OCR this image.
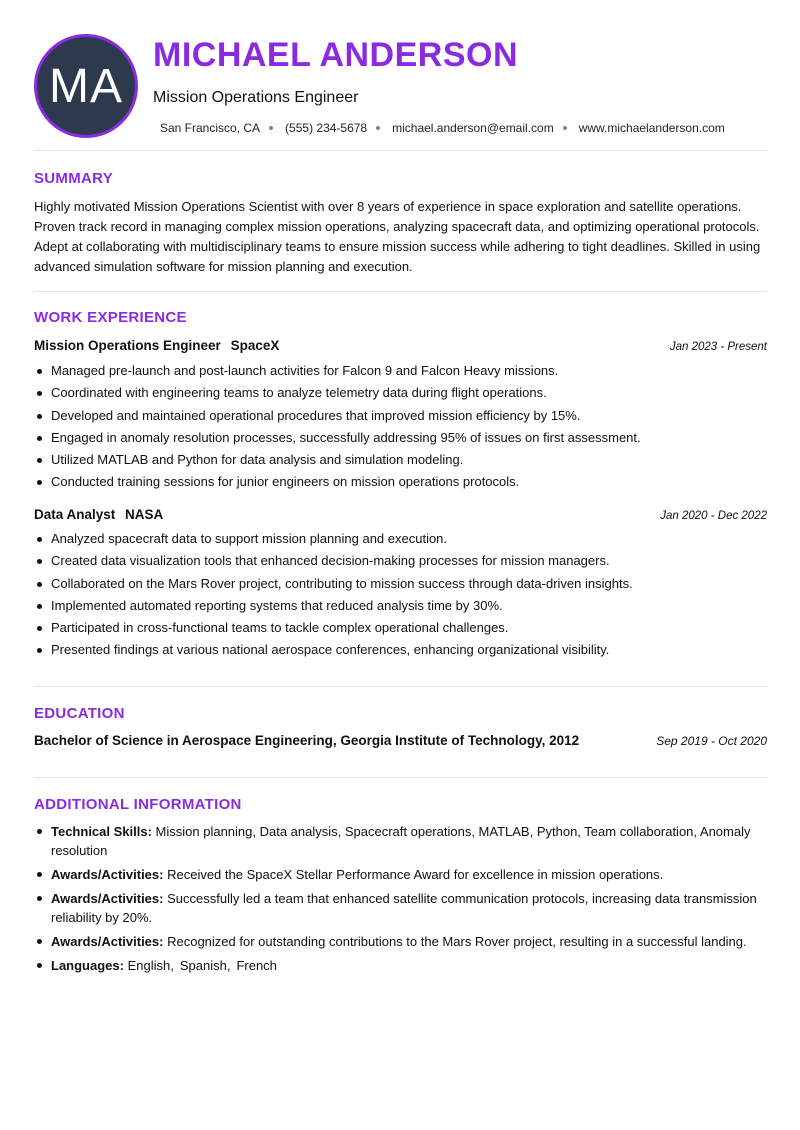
MA
MICHAEL ANDERSON
Mission Operations Engineer
San Francisco, CA (555) 234-5678 michael.anderson@email.com www.michaelanderson.com
SUMMARY
Highly motivated Mission Operations Scientist with over 8 years of experience in space exploration and satellite operations. Proven track record in managing complex mission operations, analyzing spacecraft data, and optimizing operational protocols. Adept at collaborating with multidisciplinary teams to ensure mission success while adhering to tight deadlines. Skilled in using advanced simulation software for mission planning and execution.
WORK EXPERIENCE
Mission Operations Engineer SpaceX	Jan 2023 - Present
Managed pre-launch and post-launch activities for Falcon 9 and Falcon Heavy missions.
Coordinated with engineering teams to analyze telemetry data during flight operations.
Developed and maintained operational procedures that improved mission efficiency by 15%.
Engaged in anomaly resolution processes, successfully addressing 95% of issues on first assessment.
Utilized MATLAB and Python for data analysis and simulation modeling.
Conducted training sessions for junior engineers on mission operations protocols.
Data Analyst NASA	Jan 2020 - Dec 2022
Analyzed spacecraft data to support mission planning and execution.
Created data visualization tools that enhanced decision-making processes for mission managers.
Collaborated on the Mars Rover project, contributing to mission success through data-driven insights.
Implemented automated reporting systems that reduced analysis time by 30%.
Participated in cross-functional teams to tackle complex operational challenges.
Presented findings at various national aerospace conferences, enhancing organizational visibility.
EDUCATION
Bachelor of Science in Aerospace Engineering, Georgia Institute of Technology, 2012	Sep 2019 - Oct 2020
ADDITIONAL INFORMATION
Technical Skills: Mission planning, Data analysis, Spacecraft operations, MATLAB, Python, Team collaboration, Anomaly resolution
Awards/Activities: Received the SpaceX Stellar Performance Award for excellence in mission operations.
Awards/Activities: Successfully led a team that enhanced satellite communication protocols, increasing data transmission reliability by 20%.
Awards/Activities: Recognized for outstanding contributions to the Mars Rover project, resulting in a successful landing.
Languages: English, Spanish, French
